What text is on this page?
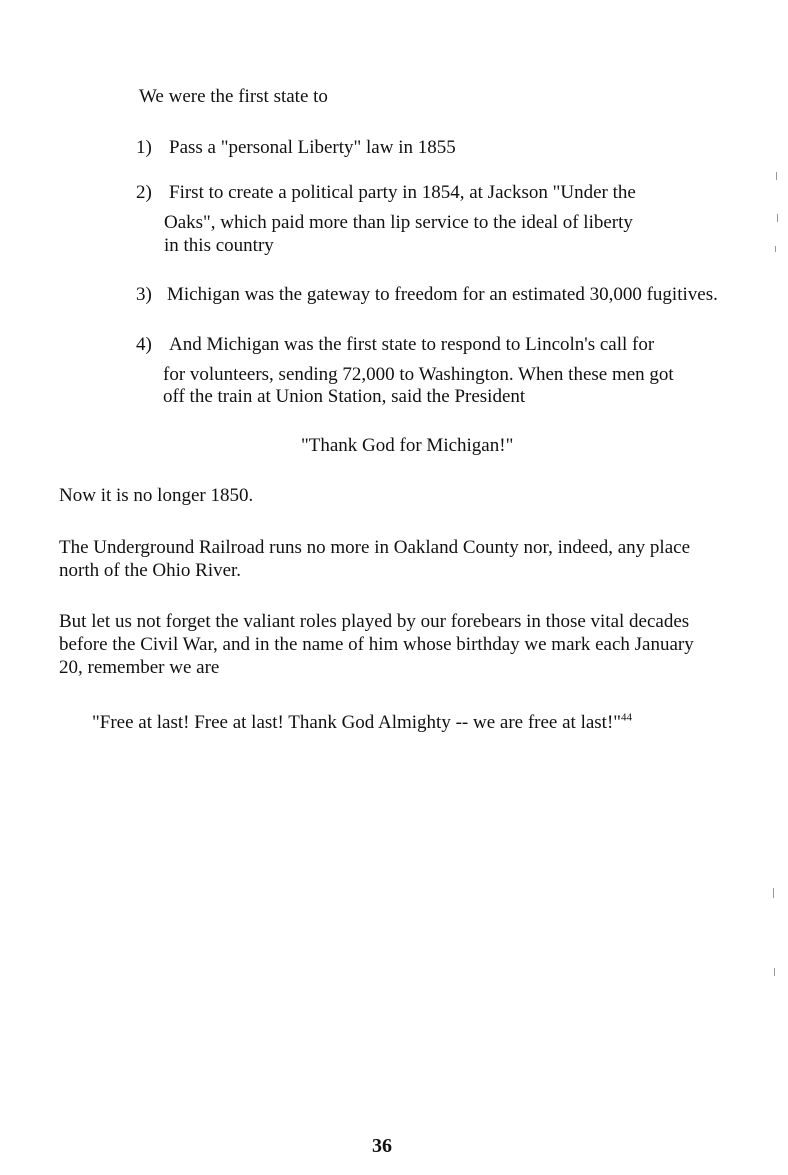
We were the first state to
1) Pass a "personal Liberty" law in 1855
2) First to create a political party in 1854, at Jackson "Under the
Oaks", which paid more than lip service to the ideal of liberty
in this country
3) Michigan was the gateway to freedom for an estimated 30,000 fugitives.
4) And Michigan was the first state to respond to Lincoln's call for
for volunteers, sending 72,000 to Washington. When these men got
off the train at Union Station, said the President
"Thank God for Michigan!"
Now it is no longer 1850.
The Underground Railroad runs no more in Oakland County nor, indeed, any place
north of the Ohio River.
But let us not forget the valiant roles played by our forebears in those vital decades
before the Civil War, and in the name of him whose birthday we mark each January
20, remember we are
"Free at last! Free at last! Thank God Almighty -- we are free at last!"$^{44}$
36
